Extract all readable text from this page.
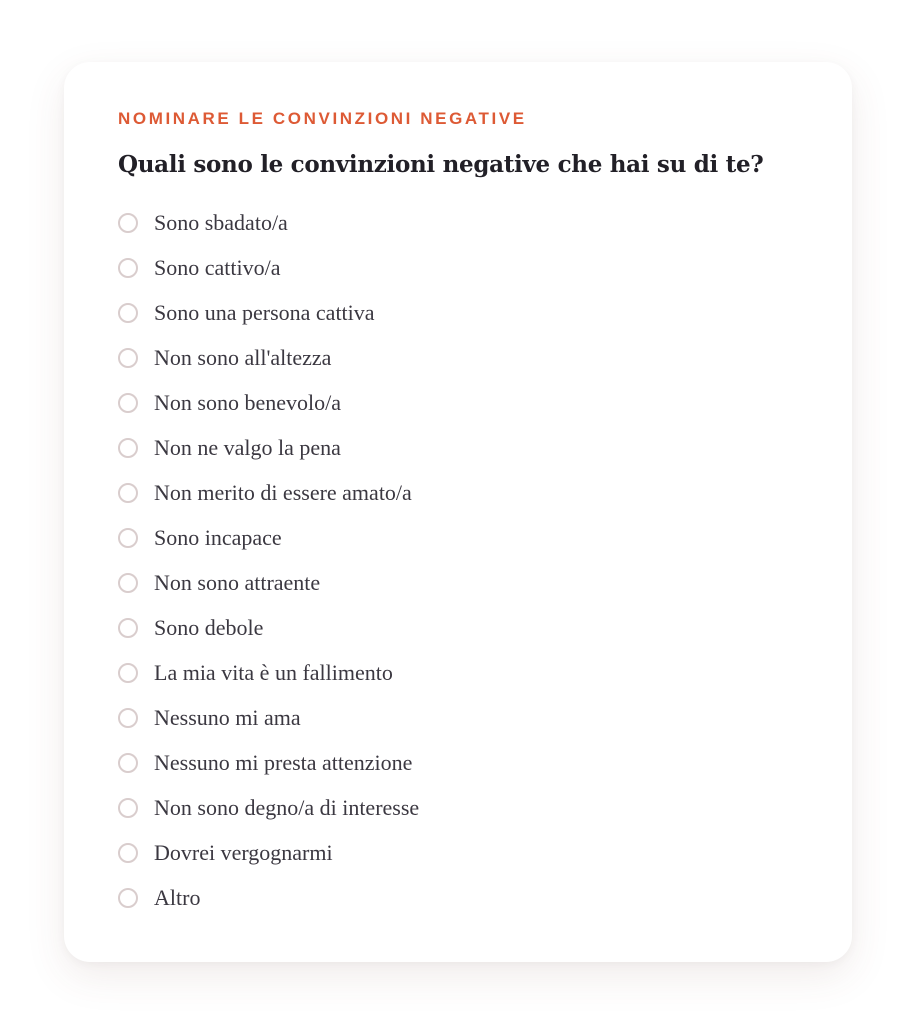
NOMINARE LE CONVINZIONI NEGATIVE

Quali sono le convinzioni negative che hai su di te?
Sono sbadato/a
Sono cattivo/a
Sono una persona cattiva
Non sono all'altezza
Non sono benevolo/a
Non ne valgo la pena
Non merito di essere amato/a
Sono incapace
Non sono attraente
Sono debole
La mia vita è un fallimento
Nessuno mi ama
Nessuno mi presta attenzione
Non sono degno/a di interesse
Dovrei vergognarmi
Altro
